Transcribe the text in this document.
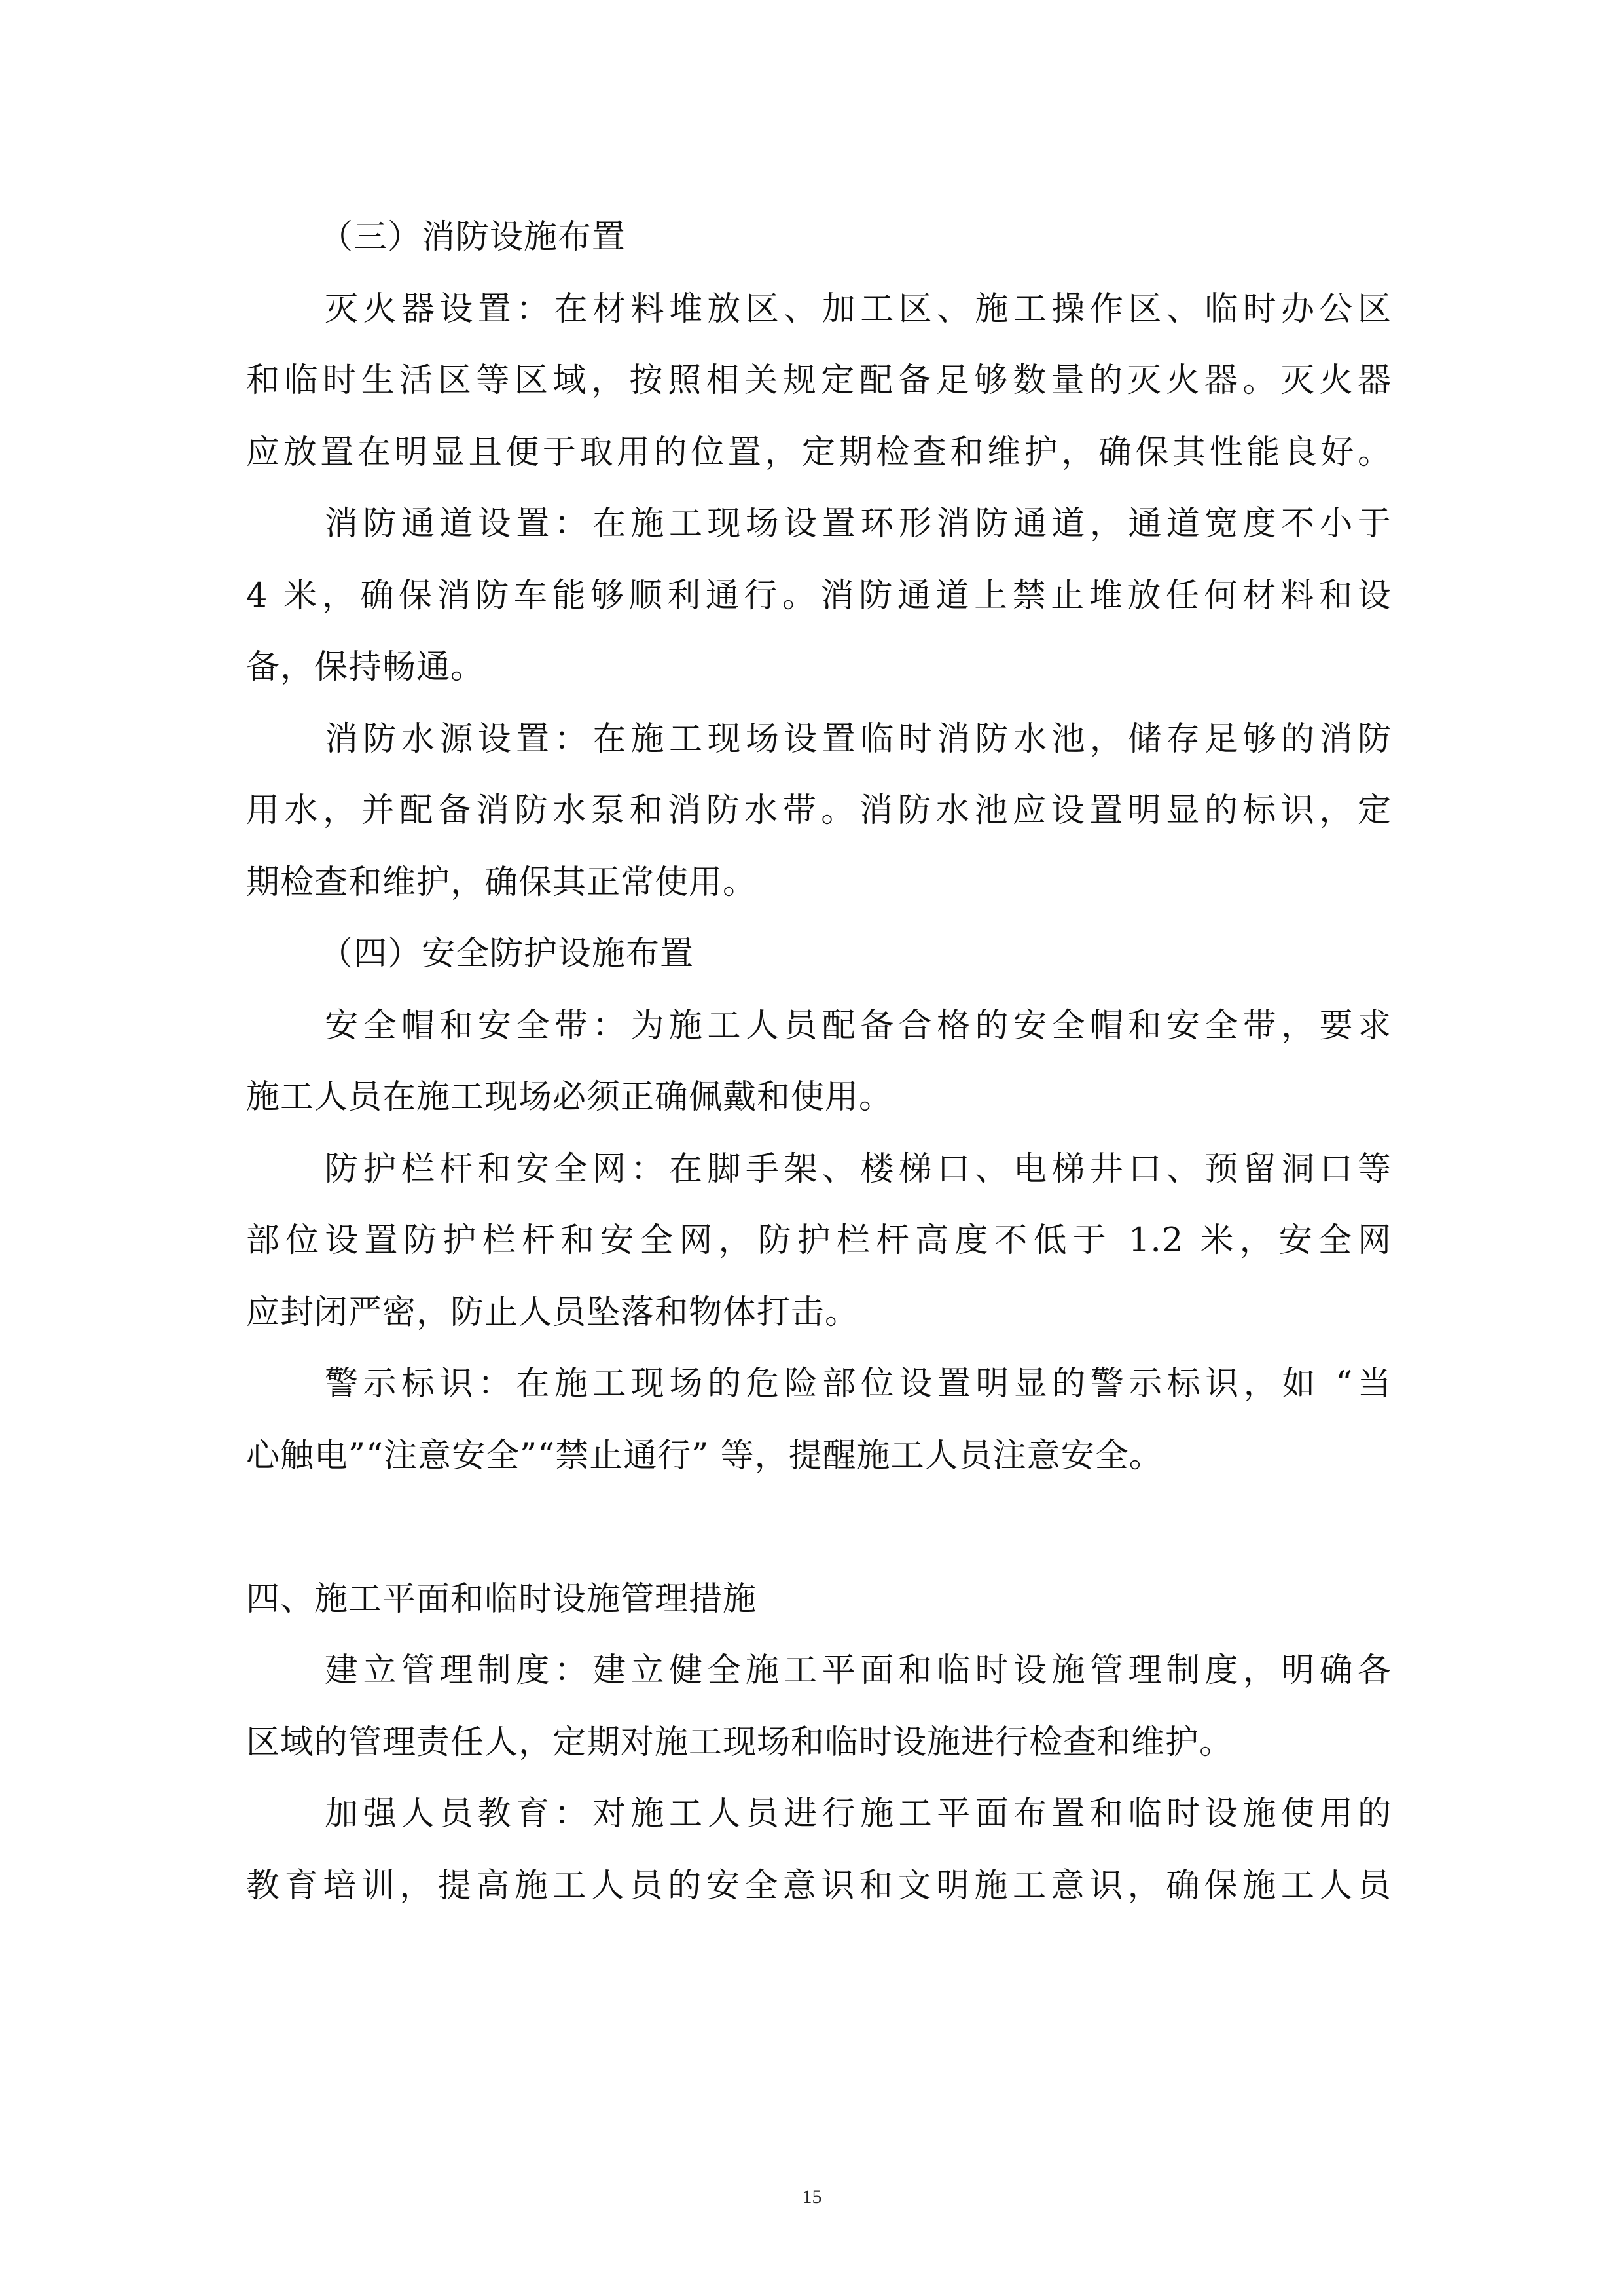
（三）消防设施布置
灭火器设置：在材料堆放区、加工区、施工操作区、临时办公区
和临时生活区等区域，按照相关规定配备足够数量的灭火器。灭火器
应放置在明显且便于取用的位置，定期检查和维护，确保其性能良好。
消防通道设置：在施工现场设置环形消防通道，通道宽度不小于
4 米，确保消防车能够顺利通行。消防通道上禁止堆放任何材料和设
备，保持畅通。
消防水源设置：在施工现场设置临时消防水池，储存足够的消防
用水，并配备消防水泵和消防水带。消防水池应设置明显的标识，定
期检查和维护，确保其正常使用。
（四）安全防护设施布置
安全帽和安全带：为施工人员配备合格的安全帽和安全带，要求
施工人员在施工现场必须正确佩戴和使用。
防护栏杆和安全网：在脚手架、楼梯口、电梯井口、预留洞口等
部位设置防护栏杆和安全网，防护栏杆高度不低于 1.2 米，安全网
应封闭严密，防止人员坠落和物体打击。
警示标识：在施工现场的危险部位设置明显的警示标识，如 “当
心触电”“注意安全”“禁止通行” 等，提醒施工人员注意安全。
四、施工平面和临时设施管理措施
建立管理制度：建立健全施工平面和临时设施管理制度，明确各
区域的管理责任人，定期对施工现场和临时设施进行检查和维护。
加强人员教育：对施工人员进行施工平面布置和临时设施使用的
教育培训，提高施工人员的安全意识和文明施工意识，确保施工人员
15
